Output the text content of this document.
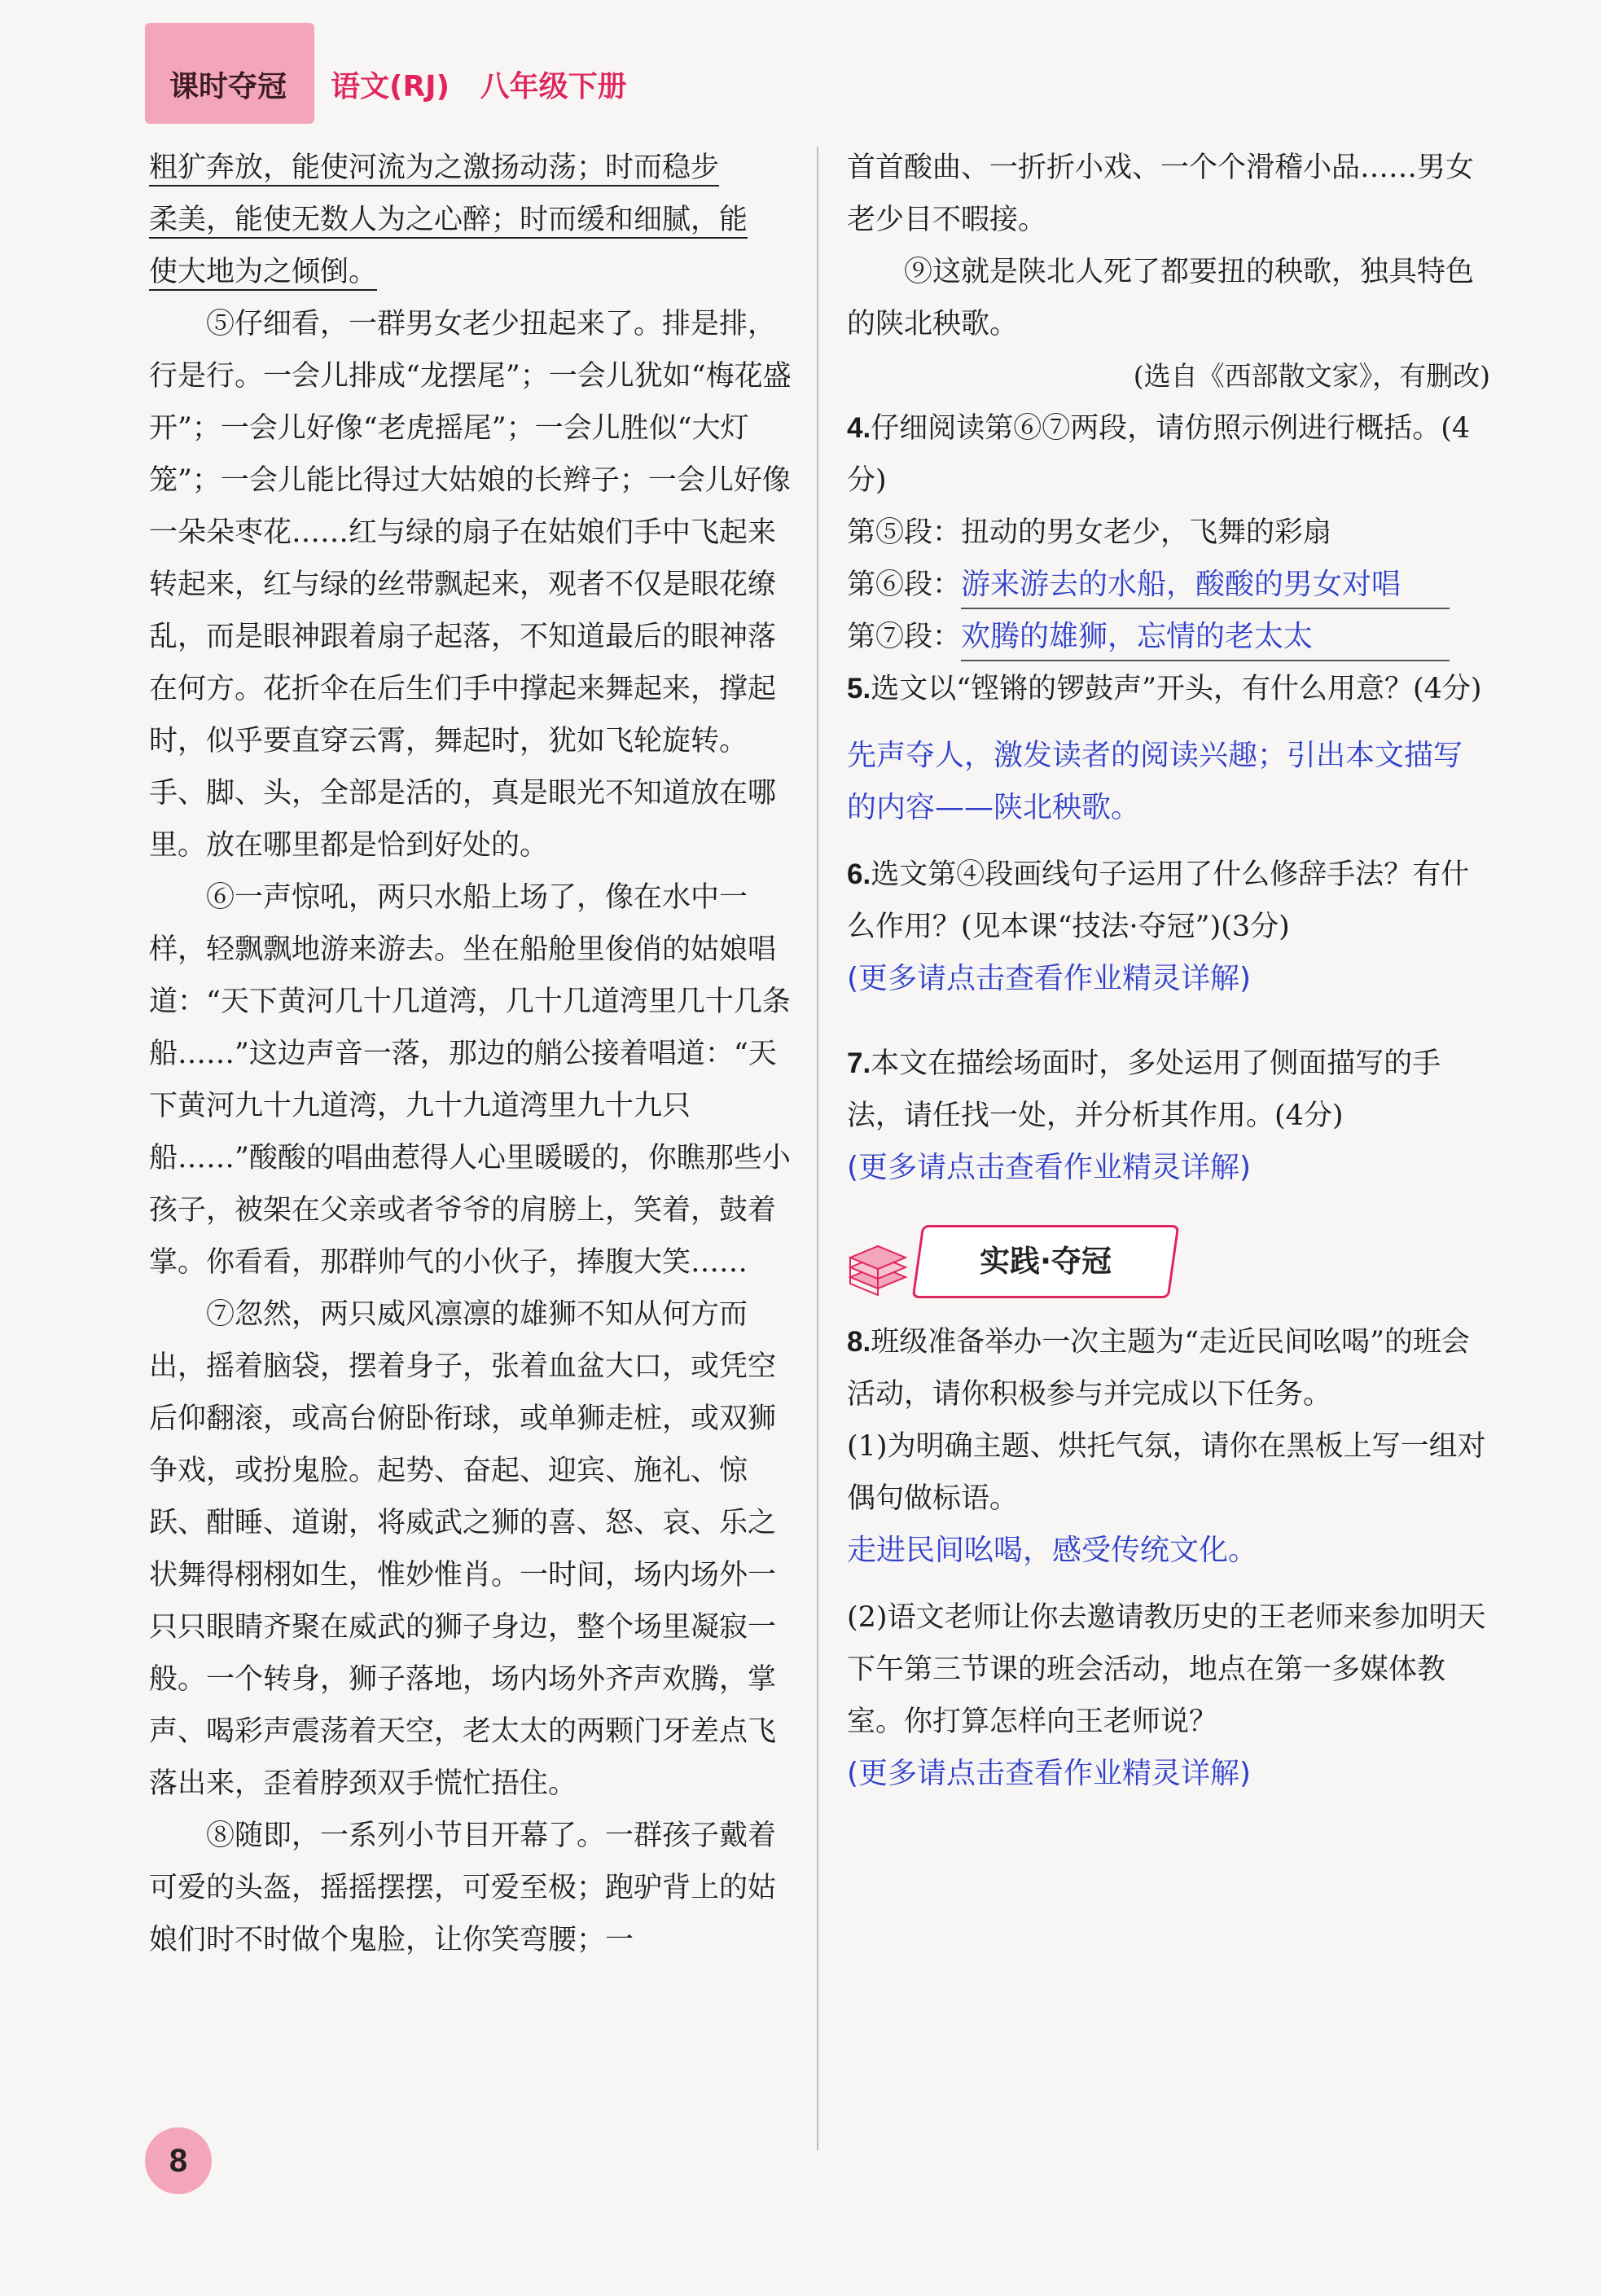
课时夺冠 语文(RJ)   八年级下册

粗犷奔放，能使河流为之激扬动荡；时而稳步

柔美，能使无数人为之心醉；时而缓和细腻，能

使大地为之倾倒。

⑤仔细看，一群男女老少扭起来了。排是排，行是行。一会儿排成“龙摆尾”；一会儿犹如“梅花盛开”；一会儿好像“老虎摇尾”；一会儿胜似“大灯笼”；一会儿能比得过大姑娘的长辫子；一会儿好像一朵朵枣花……红与绿的扇子在姑娘们手中飞起来转起来，红与绿的丝带飘起来，观者不仅是眼花缭乱，而是眼神跟着扇子起落，不知道最后的眼神落在何方。花折伞在后生们手中撑起来舞起来，撑起时，似乎要直穿云霄，舞起时，犹如飞轮旋转。手、脚、头，全部是活的，真是眼光不知道放在哪里。放在哪里都是恰到好处的。

⑥一声惊吼，两只水船上场了，像在水中一样，轻飘飘地游来游去。坐在船舱里俊俏的姑娘唱道：“天下黄河几十几道湾，几十几道湾里几十几条船……”这边声音一落，那边的艄公接着唱道：“天下黄河九十九道湾，九十九道湾里九十九只船……”酸酸的唱曲惹得人心里暖暖的，你瞧那些小孩子，被架在父亲或者爷爷的肩膀上，笑着，鼓着掌。你看看，那群帅气的小伙子，捧腹大笑……

⑦忽然，两只威风凛凛的雄狮不知从何方而出，摇着脑袋，摆着身子，张着血盆大口，或凭空后仰翻滚，或高台俯卧衔球，或单狮走桩，或双狮争戏，或扮鬼脸。起势、奋起、迎宾、施礼、惊跃、酣睡、道谢，将威武之狮的喜、怒、哀、乐之状舞得栩栩如生，惟妙惟肖。一时间，场内场外一只只眼睛齐聚在威武的狮子身边，整个场里凝寂一般。一个转身，狮子落地，场内场外齐声欢腾，掌声、喝彩声震荡着天空，老太太的两颗门牙差点飞落出来，歪着脖颈双手慌忙捂住。

⑧随即，一系列小节目开幕了。一群孩子戴着可爱的头盔，摇摇摆摆，可爱至极；跑驴背上的姑娘们时不时做个鬼脸，让你笑弯腰；一

首首酸曲、一折折小戏、一个个滑稽小品……男女老少目不暇接。

⑨这就是陕北人死了都要扭的秧歌，独具特色的陕北秧歌。

(选自《西部散文家》，有删改)

4.仔细阅读第⑥⑦两段，请仿照示例进行概括。(4分)

第⑤段：扭动的男女老少，飞舞的彩扇
第⑥段：游来游去的水船，酸酸的男女对唱
第⑦段：欢腾的雄狮，忘情的老太太

5.选文以“铿锵的锣鼓声”开头，有什么用意？(4分)

先声夺人，激发读者的阅读兴趣；引出本文描写的内容——陕北秧歌。

6.选文第④段画线句子运用了什么修辞手法？有什么作用？(见本课“技法·夺冠”)(3分)

(更多请点击查看作业精灵详解)

7.本文在描绘场面时，多处运用了侧面描写的手法，请任找一处，并分析其作用。(4分)

(更多请点击查看作业精灵详解)

实践·夺冠

8.班级准备举办一次主题为“走近民间吆喝”的班会活动，请你积极参与并完成以下任务。

(1)为明确主题、烘托气氛，请你在黑板上写一组对偶句做标语。

走进民间吆喝，感受传统文化。

(2)语文老师让你去邀请教历史的王老师来参加明天下午第三节课的班会活动，地点在第一多媒体教室。你打算怎样向王老师说？

(更多请点击查看作业精灵详解)

8
